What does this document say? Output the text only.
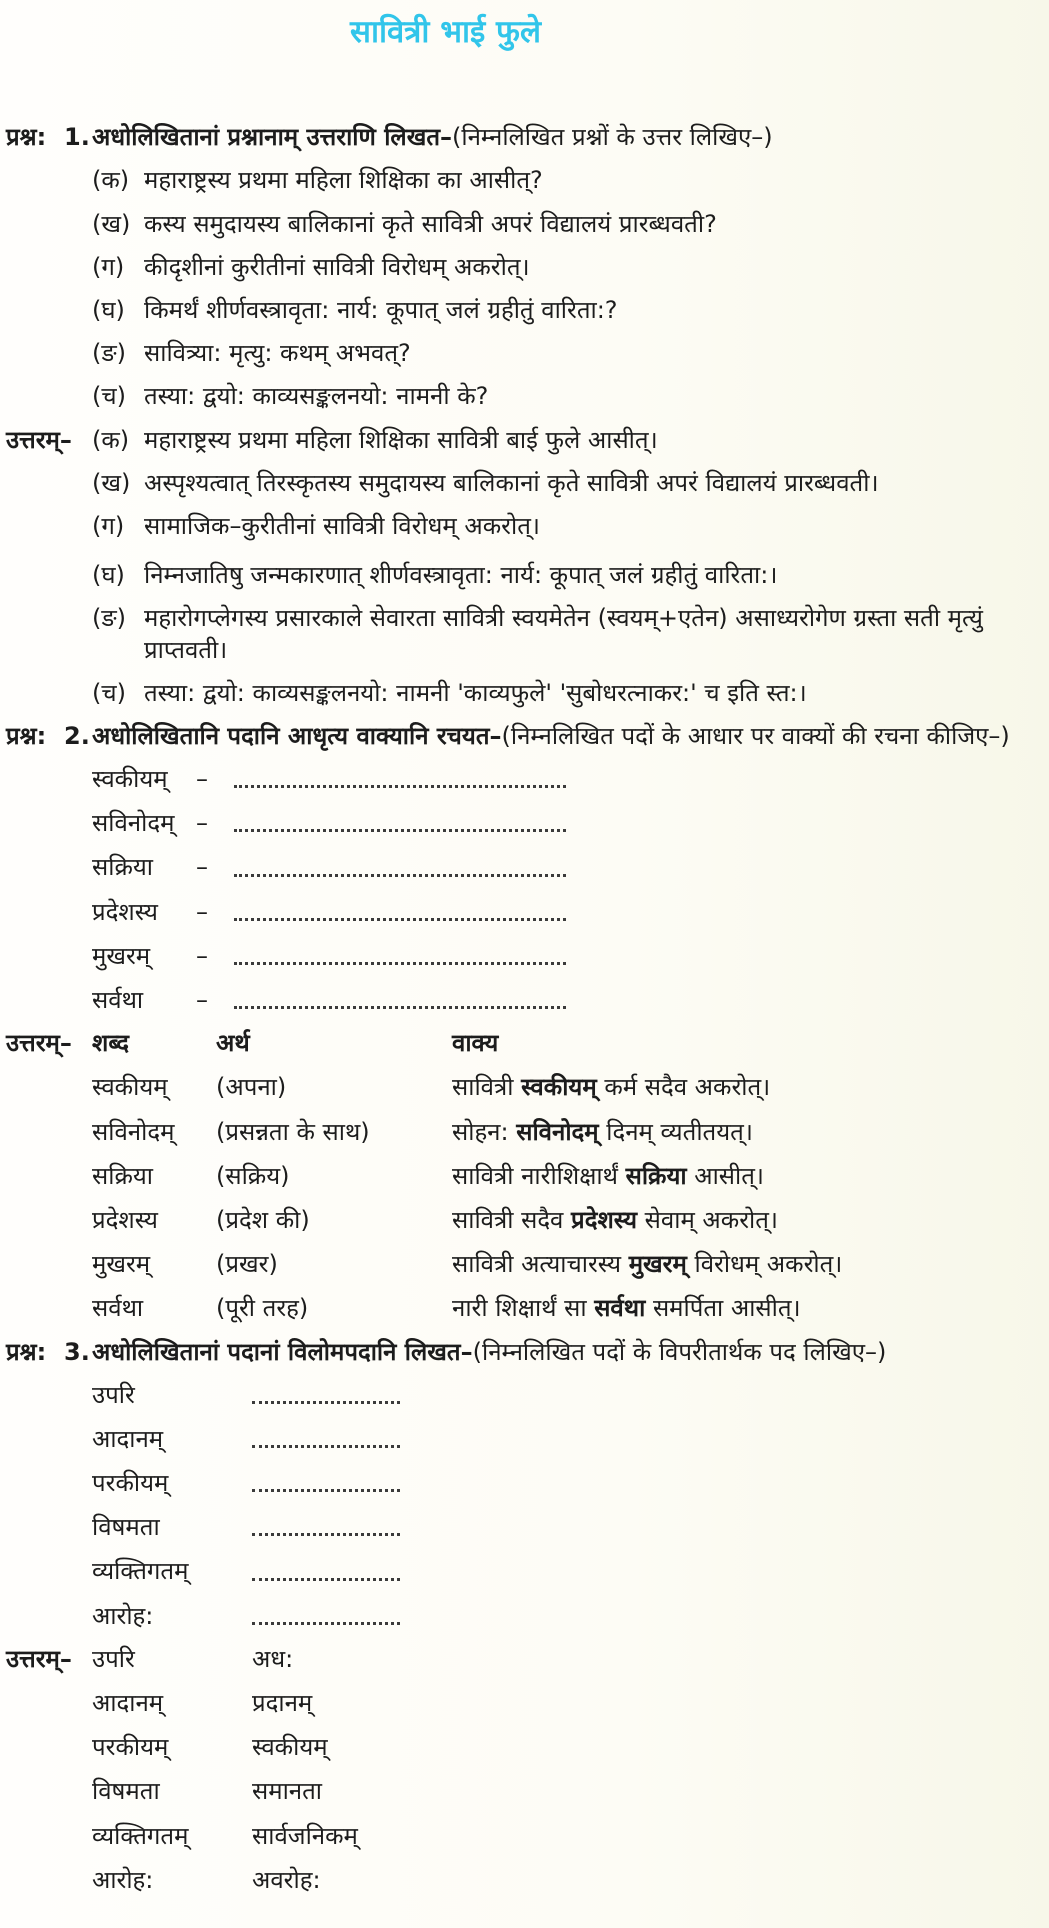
सावित्री भाई फुले
प्रश्न: 1. अधोलिखितानां प्रश्नानाम् उत्तराणि लिखत–(निम्नलिखित प्रश्नों के उत्तर लिखिए–)
(क) महाराष्ट्रस्य प्रथमा महिला शिक्षिका का आसीत्?
(ख) कस्य समुदायस्य बालिकानां कृते सावित्री अपरं विद्यालयं प्रारब्धवती?
(ग) कीदृशीनां कुरीतीनां सावित्री विरोधम् अकरोत्।
(घ) किमर्थं शीर्णवस्त्रावृता: नार्य: कूपात् जलं ग्रहीतुं वारिता:?
(ङ) सावित्र्या: मृत्यु: कथम् अभवत्?
(च) तस्या: द्वयो: काव्यसङ्कलनयो: नामनी के?
उत्तरम्– (क) महाराष्ट्रस्य प्रथमा महिला शिक्षिका सावित्री बाई फुले आसीत्।
(ख) अस्पृश्यत्वात् तिरस्कृतस्य समुदायस्य बालिकानां कृते सावित्री अपरं विद्यालयं प्रारब्धवती।
(ग) सामाजिक–कुरीतीनां सावित्री विरोधम् अकरोत्।
(घ) निम्नजातिषु जन्मकारणात् शीर्णवस्त्रावृता: नार्य: कूपात् जलं ग्रहीतुं वारिता:।
(ङ) महारोगप्लेगस्य प्रसारकाले सेवारता सावित्री स्वयमेतेन (स्वयम्+एतेन) असाध्यरोगेण ग्रस्ता सती मृत्युं प्राप्तवती।
(च) तस्या: द्वयो: काव्यसङ्कलनयो: नामनी 'काव्यफुले' 'सुबोधरत्नाकर:' च इति स्त:।
प्रश्न: 2. अधोलिखितानि पदानि आधृत्य वाक्यानि रचयत–(निम्नलिखित पदों के आधार पर वाक्यों की रचना कीजिए–)
स्वकीयम्	–
सविनोदम् –
सक्रिया	–
प्रदेशस्य	–
मुखरम्	–
सर्वथा	–
उत्तरम्– शब्द	अर्थ	वाक्य
स्वकीयम्	(अपना)	सावित्री स्वकीयम् कर्म सदैव अकरोत्।
सविनोदम्	(प्रसन्नता के साथ)	सोहन: सविनोदम् दिनम् व्यतीतयत्।
सक्रिया	(सक्रिय)	सावित्री नारीशिक्षार्थं सक्रिया आसीत्।
प्रदेशस्य	(प्रदेश की)	सावित्री सदैव प्रदेशस्य सेवाम् अकरोत्।
मुखरम्	(प्रखर)	सावित्री अत्याचारस्य मुखरम् विरोधम् अकरोत्।
सर्वथा	(पूरी तरह)	नारी शिक्षार्थं सा सर्वथा समर्पिता आसीत्।
प्रश्न: 3. अधोलिखितानां पदानां विलोमपदानि लिखत–(निम्नलिखित पदों के विपरीतार्थक पद लिखिए–)
उपरि
आदानम्
परकीयम्
विषमता
व्यक्तिगतम्
आरोह:
उत्तरम्– उपरि	अध:
आदानम्	प्रदानम्
परकीयम्	स्वकीयम्
विषमता	समानता
व्यक्तिगतम्	सार्वजनिकम्
आरोह:	अवरोह:
